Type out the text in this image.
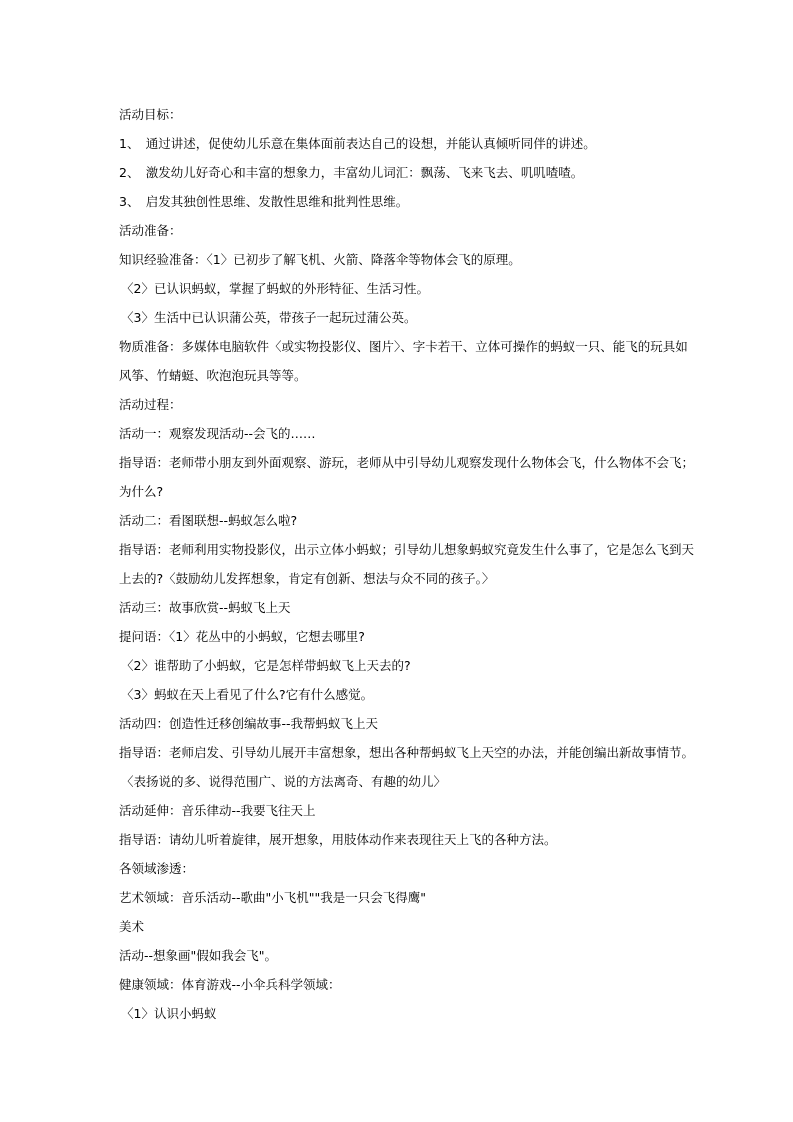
活动目标：
1、　通过讲述，促使幼儿乐意在集体面前表达自己的设想，并能认真倾听同伴的讲述。
2、　激发幼儿好奇心和丰富的想象力，丰富幼儿词汇：飘荡、飞来飞去、叽叽喳喳。
3、　启发其独创性思维、发散性思维和批判性思维。
活动准备：
知识经验准备：〈1〉已初步了解飞机、火箭、降落伞等物体会飞的原理。
〈2〉已认识蚂蚁，掌握了蚂蚁的外形特征、生活习性。
〈3〉生活中已认识蒲公英，带孩子一起玩过蒲公英。
物质准备：多媒体电脑软件〈或实物投影仪、图片〉、字卡若干、立体可操作的蚂蚁一只、能飞的玩具如
风筝、竹蜻蜓、吹泡泡玩具等等。
活动过程：
活动一：观察发现活动--会飞的……
指导语：老师带小朋友到外面观察、游玩，老师从中引导幼儿观察发现什么物体会飞，什么物体不会飞；
为什么?
活动二：看图联想--蚂蚁怎么啦?
指导语：老师利用实物投影仪，出示立体小蚂蚁；引导幼儿想象蚂蚁究竟发生什么事了，它是怎么飞到天
上去的?〈鼓励幼儿发挥想象，肯定有创新、想法与众不同的孩子。〉
活动三：故事欣赏--蚂蚁飞上天
提问语：〈1〉花丛中的小蚂蚁，它想去哪里?
〈2〉谁帮助了小蚂蚁，它是怎样带蚂蚁飞上天去的?
〈3〉蚂蚁在天上看见了什么?它有什么感觉。
活动四：创造性迁移创编故事--我帮蚂蚁飞上天
指导语：老师启发、引导幼儿展开丰富想象，想出各种帮蚂蚁飞上天空的办法，并能创编出新故事情节。
〈表扬说的多、说得范围广、说的方法离奇、有趣的幼儿〉
活动延伸：音乐律动--我要飞往天上
指导语：请幼儿听着旋律，展开想象，用肢体动作来表现往天上飞的各种方法。
各领域渗透：
艺术领域：音乐活动--歌曲"小飞机""我是一只会飞得鹰"
美术
活动--想象画"假如我会飞"。
健康领域：体育游戏--小伞兵科学领域：
〈1〉认识小蚂蚁
